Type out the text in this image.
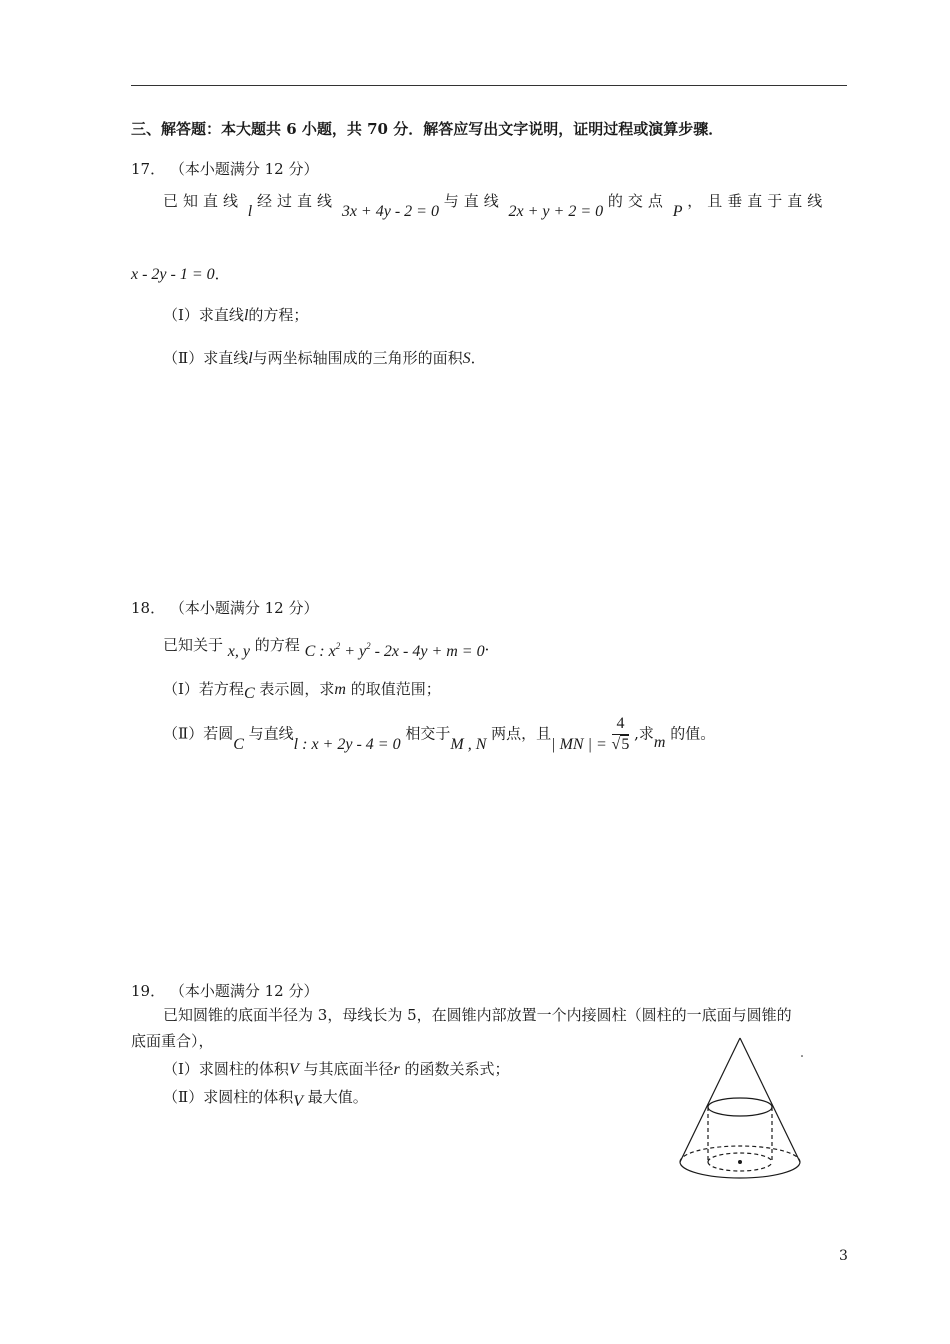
三、解答题：本大题共 6 小题，共 70 分．解答应写出文字说明，证明过程或演算步骤．
17． （本小题满分 12 分）
已知直线 l 经过直线 3x + 4y - 2 = 0 与直线 2x + y + 2 = 0 的交点 P ，且垂直于直线
x - 2y - 1 = 0．
（Ⅰ）求直线l的方程；
（Ⅱ）求直线l与两坐标轴围成的三角形的面积S．
18． （本小题满分 12 分）
已知关于 x, y 的方程 C : $x^2 + y^2 - 2x - 4y + m = 0$．
（Ⅰ）若方程C 表示圆，求m 的取值范围；
（Ⅱ）若圆C 与直线l : x + 2y - 4 = 0 相交于M , N 两点，且| MN | = $\frac{4}{√5}$ ,求m 的值。
19． （本小题满分 12 分）
已知圆锥的底面半径为 3，母线长为 5，在圆锥内部放置一个内接圆柱（圆柱的一底面与圆锥的
底面重合），
（Ⅰ）求圆柱的体积V 与其底面半径r 的函数关系式；
（Ⅱ）求圆柱的体积V 最大值。
3
